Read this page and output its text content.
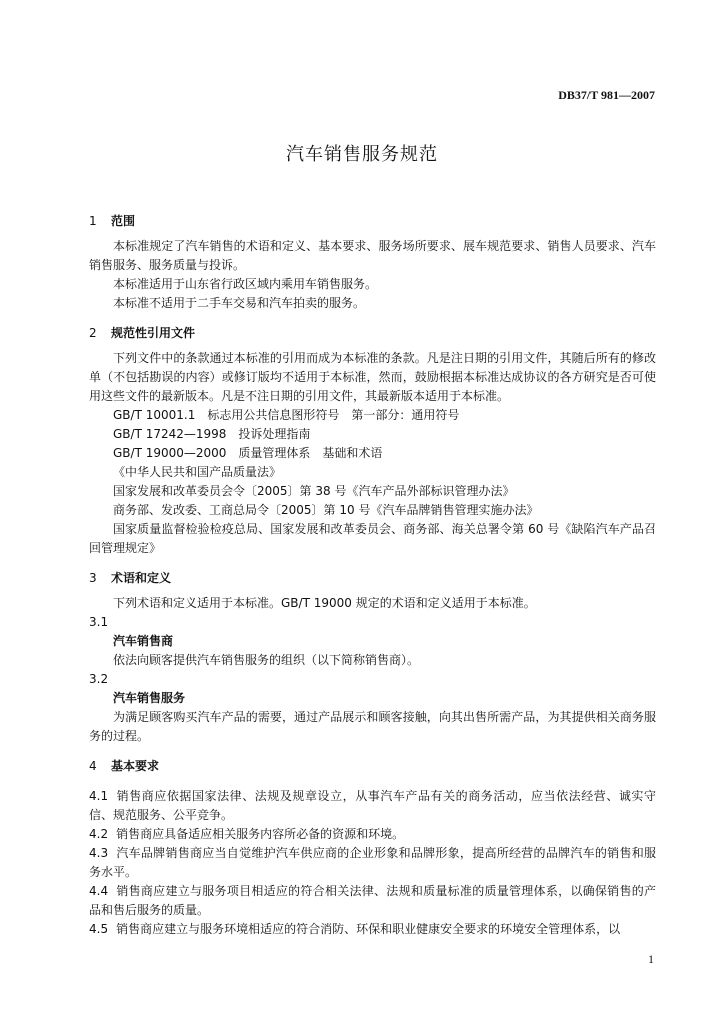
DB37/T 981—2007
汽车销售服务规范

1 范围

本标准规定了汽车销售的术语和定义、基本要求、服务场所要求、展车规范要求、销售人员要求、汽车销售服务、服务质量与投诉。

本标准适用于山东省行政区域内乘用车销售服务。

本标准不适用于二手车交易和汽车拍卖的服务。

2 规范性引用文件

下列文件中的条款通过本标准的引用而成为本标准的条款。凡是注日期的引用文件，其随后所有的修改单（不包括勘误的内容）或修订版均不适用于本标准，然而，鼓励根据本标准达成协议的各方研究是否可使用这些文件的最新版本。凡是不注日期的引用文件，其最新版本适用于本标准。

GB/T 10001.1　标志用公共信息图形符号　第一部分：通用符号

GB/T 17242—1998　投诉处理指南

GB/T 19000—2000　质量管理体系　基础和术语

《中华人民共和国产品质量法》

国家发展和改革委员会令〔2005〕第 38 号《汽车产品外部标识管理办法》

商务部、发改委、工商总局令〔2005〕第 10 号《汽车品牌销售管理实施办法》

国家质量监督检验检疫总局、国家发展和改革委员会、商务部、海关总署令第 60 号《缺陷汽车产品召回管理规定》

3 术语和定义

下列术语和定义适用于本标准。GB/T 19000 规定的术语和定义适用于本标准。

3.1

汽车销售商

依法向顾客提供汽车销售服务的组织（以下简称销售商）。

3.2

汽车销售服务

为满足顾客购买汽车产品的需要，通过产品展示和顾客接触，向其出售所需产品，为其提供相关商务服务的过程。

4 基本要求

4.1 销售商应依据国家法律、法规及规章设立，从事汽车产品有关的商务活动，应当依法经营、诚实守信、规范服务、公平竞争。

4.2 销售商应具备适应相关服务内容所必备的资源和环境。

4.3 汽车品牌销售商应当自觉维护汽车供应商的企业形象和品牌形象，提高所经营的品牌汽车的销售和服务水平。

4.4 销售商应建立与服务项目相适应的符合相关法律、法规和质量标准的质量管理体系，以确保销售的产品和售后服务的质量。

4.5 销售商应建立与服务环境相适应的符合消防、环保和职业健康安全要求的环境安全管理体系，以

1
